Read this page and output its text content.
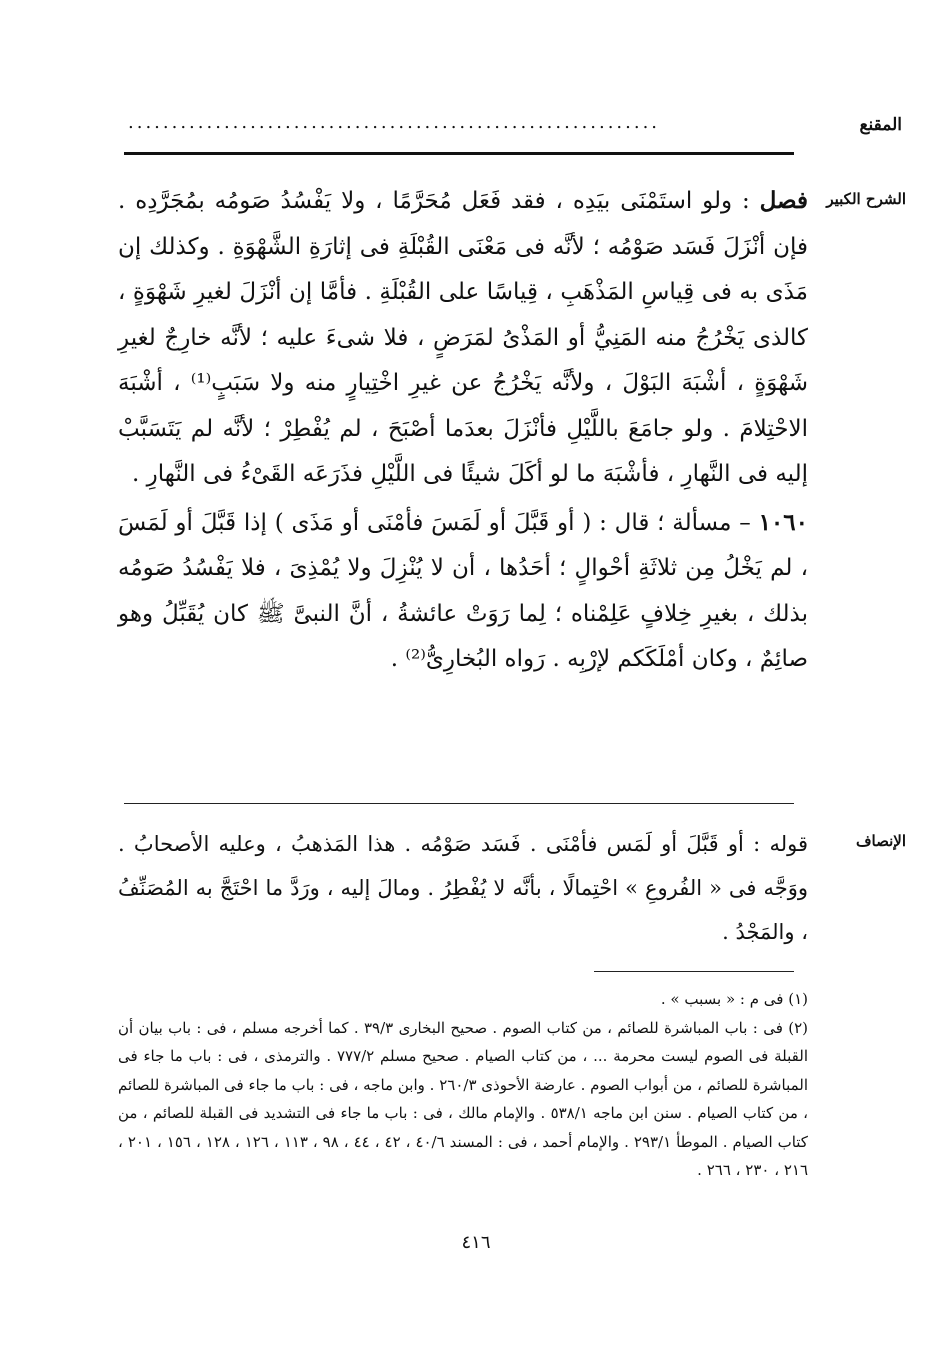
المقنع
.............................................................
الشرح الكبير

فصل : ولو استَمْنَى بيَدِه ، فقد فَعَل مُحَرَّمًا ، ولا يَفْسُدُ صَومُه بمُجَرَّدِه . فإن أنْزَلَ فَسَد صَوْمُه ؛ لأنَّه فى مَعْنَى القُبْلَةِ فى إثارَةِ الشَّهْوَةِ . وكذلك إن مَذَى به فى قِياسِ المَذْهَبِ ، قِياسًا على القُبْلَةِ . فأمَّا إن أنْزَلَ لغيرِ شَهْوَةٍ ، كالذى يَخْرُجُ منه المَنِيُّ أو المَذْىُ لمَرَضٍ ، فلا شىءَ عليه ؛ لأنَّه خارِجٌ لغيرِ شَهْوَةٍ ، أشْبَهَ البَوْلَ ، ولأنَّه يَخْرُجُ عن غيرِ اخْتِيارٍ منه ولا سَبَبٍ⁽¹⁾ ، أشْبَهَ الاحْتِلامَ . ولو جامَعَ باللَّيْلِ فأنْزَلَ بعدَما أصْبَحَ ، لم يُفْطِرْ ؛ لأنَّه لم يَتَسَبَّبْ إليه فى النَّهارِ ، فأشْبَهَ ما لو أكَلَ شيئًا فى اللَّيْلِ فذَرَعَه القَىْءُ فى النَّهارِ .

١٠٦٠ – مسألة ؛ قال : ( أو قَبَّلَ أو لَمَسَ فأمْنَى أو مَذَى ) إذا قَبَّلَ أو لَمَسَ ، لم يَخْلُ مِن ثلاثَةِ أحْوالٍ ؛ أحَدُها ، أن لا يُنْزِلَ ولا يُمْذِىَ ، فلا يَفْسُدُ صَومُه بذلك ، بغيرِ خِلافٍ عَلِمْناه ؛ لِما رَوَتْ عائشةُ ، أنَّ النبىَّ ﷺ كان يُقَبِّلُ وهو صائِمٌ ، وكان أمْلَكَكم لإرْبِه . رَواه البُخارِىُّ⁽²⁾ .

الإنصاف

قوله : أو قَبَّلَ أو لَمَس فأمْنَى . فَسَد صَوْمُه . هذا المَذهبُ ، وعليه الأصحابُ . ووَجَّه فى « الفُروعِ » احْتِمالًا ، بأنَّه لا يُفْطِرُ . ومالَ إليه ، ورَدَّ ما احْتَجَّ به المُصَنِّفُ ، والمَجْدُ .

(١) فى م : « بسبب » .

(٢) فى : باب المباشرة للصائم ، من كتاب الصوم . صحيح البخارى ٣٩/٣ . كما أخرجه مسلم ، فى : باب بيان أن القبلة فى الصوم ليست محرمة ... ، من كتاب الصيام . صحيح مسلم ٧٧٧/٢ . والترمذى ، فى : باب ما جاء فى المباشرة للصائم ، من أبواب الصوم . عارضة الأحوذى ٢٦٠/٣ . وابن ماجه ، فى : باب ما جاء فى المباشرة للصائم ، من كتاب الصيام . سنن ابن ماجه ٥٣٨/١ . والإمام مالك ، فى : باب ما جاء فى التشديد فى القبلة للصائم ، من كتاب الصيام . الموطأ ٢٩٣/١ . والإمام أحمد ، فى : المسند ٤٠/٦ ، ٤٢ ، ٤٤ ، ٩٨ ، ١١٣ ، ١٢٦ ، ١٢٨ ، ١٥٦ ، ٢٠١ ، ٢١٦ ، ٢٣٠ ، ٢٦٦ .

٤١٦
